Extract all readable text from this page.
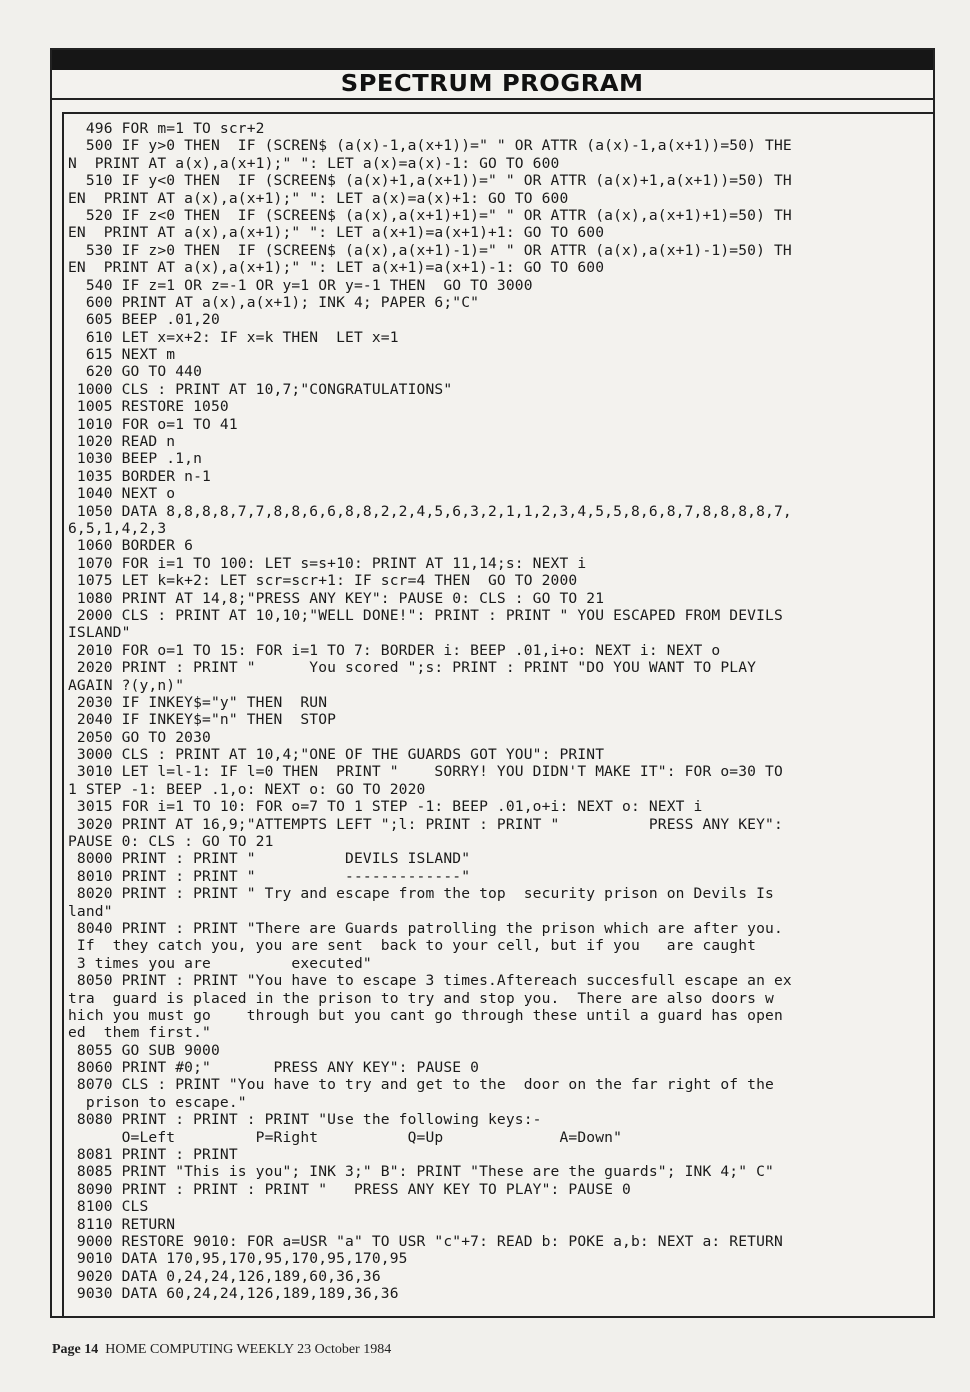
SPECTRUM PROGRAM
496 FOR m=1 TO scr+2
500 IF y>0 THEN  IF (SCREN$ (a(x)-1,a(x+1))=" " OR ATTR (a(x)-1,a(x+1))=50) THE
N  PRINT AT a(x),a(x+1);" ": LET a(x)=a(x)-1: GO TO 600
510 IF y<0 THEN  IF (SCREEN$ (a(x)+1,a(x+1))=" " OR ATTR (a(x)+1,a(x+1))=50) TH
EN  PRINT AT a(x),a(x+1);" ": LET a(x)=a(x)+1: GO TO 600
520 IF z<0 THEN  IF (SCREEN$ (a(x),a(x+1)+1)=" " OR ATTR (a(x),a(x+1)+1)=50) TH
EN  PRINT AT a(x),a(x+1);" ": LET a(x+1)=a(x+1)+1: GO TO 600
530 IF z>0 THEN  IF (SCREEN$ (a(x),a(x+1)-1)=" " OR ATTR (a(x),a(x+1)-1)=50) TH
EN  PRINT AT a(x),a(x+1);" ": LET a(x+1)=a(x+1)-1: GO TO 600
540 IF z=1 OR z=-1 OR y=1 OR y=-1 THEN  GO TO 3000
600 PRINT AT a(x),a(x+1); INK 4; PAPER 6;"C"
605 BEEP .01,20
610 LET x=x+2: IF x=k THEN  LET x=1
615 NEXT m
620 GO TO 440
1000 CLS : PRINT AT 10,7;"CONGRATULATIONS"
1005 RESTORE 1050
1010 FOR o=1 TO 41
1020 READ n
1030 BEEP .1,n
1035 BORDER n-1
1040 NEXT o
1050 DATA 8,8,8,8,7,7,8,8,6,6,8,8,2,2,4,5,6,3,2,1,1,2,3,4,5,5,8,6,8,7,8,8,8,8,7,
6,5,1,4,2,3
1060 BORDER 6
1070 FOR i=1 TO 100: LET s=s+10: PRINT AT 11,14;s: NEXT i
1075 LET k=k+2: LET scr=scr+1: IF scr=4 THEN  GO TO 2000
1080 PRINT AT 14,8;"PRESS ANY KEY": PAUSE 0: CLS : GO TO 21
2000 CLS : PRINT AT 10,10;"WELL DONE!": PRINT : PRINT " YOU ESCAPED FROM DEVILS
ISLAND"
2010 FOR o=1 TO 15: FOR i=1 TO 7: BORDER i: BEEP .01,i+o: NEXT i: NEXT o
2020 PRINT : PRINT "      You scored ";s: PRINT : PRINT "DO YOU WANT TO PLAY
AGAIN ?(y,n)"
2030 IF INKEY$="y" THEN  RUN
2040 IF INKEY$="n" THEN  STOP
2050 GO TO 2030
3000 CLS : PRINT AT 10,4;"ONE OF THE GUARDS GOT YOU": PRINT
3010 LET l=l-1: IF l=0 THEN  PRINT "    SORRY! YOU DIDN'T MAKE IT": FOR o=30 TO
1 STEP -1: BEEP .1,o: NEXT o: GO TO 2020
3015 FOR i=1 TO 10: FOR o=7 TO 1 STEP -1: BEEP .01,o+i: NEXT o: NEXT i
3020 PRINT AT 16,9;"ATTEMPTS LEFT ";l: PRINT : PRINT "          PRESS ANY KEY":
PAUSE 0: CLS : GO TO 21
8000 PRINT : PRINT "          DEVILS ISLAND"
8010 PRINT : PRINT "          -------------"
8020 PRINT : PRINT " Try and escape from the top  security prison on Devils Is
land"
8040 PRINT : PRINT "There are Guards patrolling the prison which are after you.
If  they catch you, you are sent  back to your cell, but if you   are caught
3 times you are         executed"
8050 PRINT : PRINT "You have to escape 3 times.Aftereach succesfull escape an ex
tra  guard is placed in the prison to try and stop you.  There are also doors w
hich you must go    through but you cant go through these until a guard has open
ed  them first."
8055 GO SUB 9000
8060 PRINT #0;"       PRESS ANY KEY": PAUSE 0
8070 CLS : PRINT "You have to try and get to the  door on the far right of the
prison to escape."
8080 PRINT : PRINT : PRINT "Use the following keys:-
O=Left         P=Right          Q=Up             A=Down"
8081 PRINT : PRINT
8085 PRINT "This is you"; INK 3;" B": PRINT "These are the guards"; INK 4;" C"
8090 PRINT : PRINT : PRINT "   PRESS ANY KEY TO PLAY": PAUSE 0
8100 CLS
8110 RETURN
9000 RESTORE 9010: FOR a=USR "a" TO USR "c"+7: READ b: POKE a,b: NEXT a: RETURN
9010 DATA 170,95,170,95,170,95,170,95
9020 DATA 0,24,24,126,189,60,36,36
9030 DATA 60,24,24,126,189,189,36,36
Page 14 HOME COMPUTING WEEKLY 23 October 1984
